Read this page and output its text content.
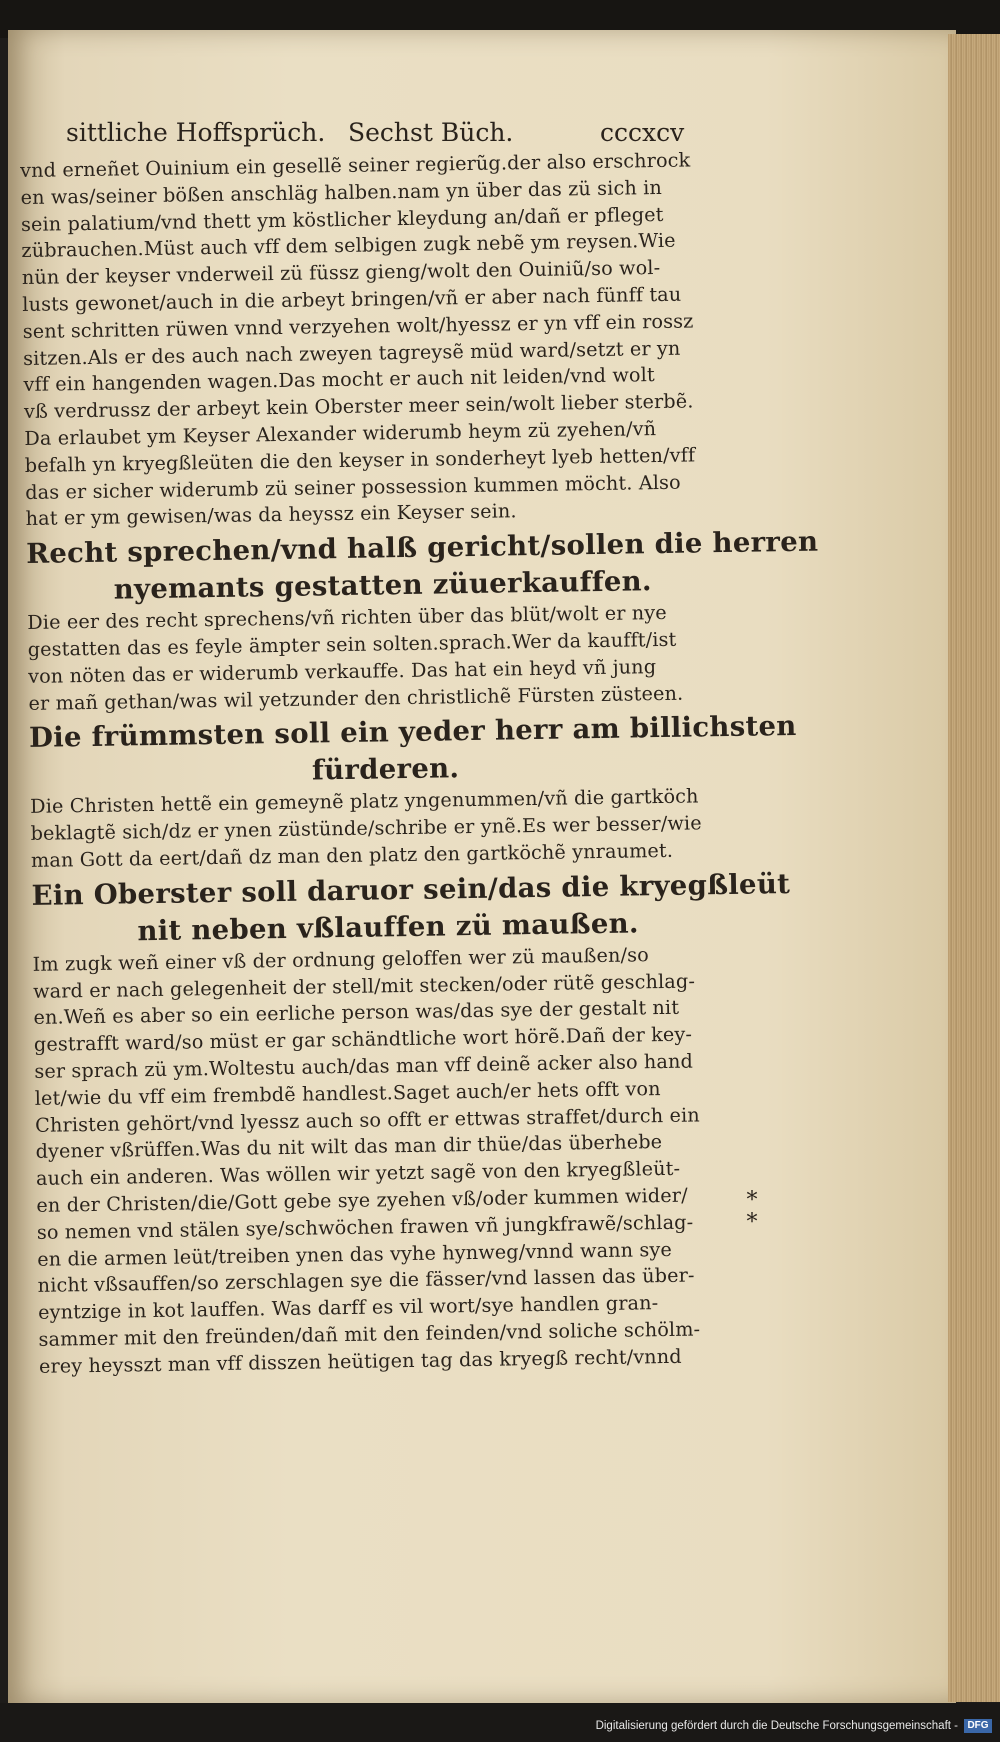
sittliche Hoffsprüch. Sechst Büch.	cccxcv
vnd erneñet Ouinium ein gesellẽ seiner regierũg.der also erschrock
en was/seiner bößen anschläg halben.nam yn über das zü sich in
sein palatium/vnd thett ym köstlicher kleydung an/dañ er pfleget
zübrauchen.Müst auch vff dem selbigen zugk nebẽ ym reysen.Wie
nün der keyser vnderweil zü füssz gieng/wolt den Ouiniũ/so wol-
lusts gewonet/auch in die arbeyt bringen/vñ er aber nach fünff tau
sent schritten rüwen vnnd verzyehen wolt/hyessz er yn vff ein rossz
sitzen.Als er des auch nach zweyen tagreysẽ müd ward/setzt er yn
vff ein hangenden wagen.Das mocht er auch nit leiden/vnd wolt
vß verdrussz der arbeyt kein Oberster meer sein/wolt lieber sterbẽ.
Da erlaubet ym Keyser Alexander widerumb heym zü zyehen/vñ
befalh yn kryegßleüten die den keyser in sonderheyt lyeb hetten/vff
das er sicher widerumb zü seiner possession kummen möcht. Also
hat er ym gewisen/was da heyssz ein Keyser sein.
Recht sprechen/vnd halß gericht/sollen die herren
nyemants gestatten züuerkauffen.
Die eer des recht sprechens/vñ richten über das blüt/wolt er nye
gestatten das es feyle ämpter sein solten.sprach.Wer da kaufft/ist
von nöten das er widerumb verkauffe. Das hat ein heyd vñ jung
er mañ gethan/was wil yetzunder den christlichẽ Fürsten züsteen.
Die frümmsten soll ein yeder herr am billichsten
fürderen.
Die Christen hettẽ ein gemeynẽ platz yngenummen/vñ die gartköch
beklagtẽ sich/dz er ynen züstünde/schribe er ynẽ.Es wer besser/wie
man Gott da eert/dañ dz man den platz den gartköchẽ ynraumet.
Ein Oberster soll daruor sein/das die kryegßleüt
nit neben vßlauffen zü maußen.
Im zugk weñ einer vß der ordnung geloffen wer zü maußen/so
ward er nach gelegenheit der stell/mit stecken/oder rütẽ geschlag-
en.Weñ es aber so ein eerliche person was/das sye der gestalt nit
gestrafft ward/so müst er gar schändtliche wort hörẽ.Dañ der key-
ser sprach zü ym.Woltestu auch/das man vff deinẽ acker also hand
let/wie du vff eim frembdẽ handlest.Saget auch/er hets offt von
Christen gehört/vnd lyessz auch so offt er ettwas straffet/durch ein
dyener vßrüffen.Was du nit wilt das man dir thüe/das überhebe
auch ein anderen. Was wöllen wir yetzt sagẽ von den kryegßleüt-
en der Christen/die/Gott gebe sye zyehen vß/oder kummen wider/
so nemen vnd stälen sye/schwöchen frawen vñ jungkfrawẽ/schlag-
en die armen leüt/treiben ynen das vyhe hynweg/vnnd wann sye
nicht vßsauffen/so zerschlagen sye die fässer/vnd lassen das über-
eyntzige in kot lauffen. Was darff es vil wort/sye handlen gran-
sammer mit den freünden/dañ mit den feinden/vnd soliche schölm-
erey heysszt man vff disszen heütigen tag das kryegß recht/vnnd
*
*
Digitalisierung gefördert durch die Deutsche Forschungsgemeinschaft - DFG
